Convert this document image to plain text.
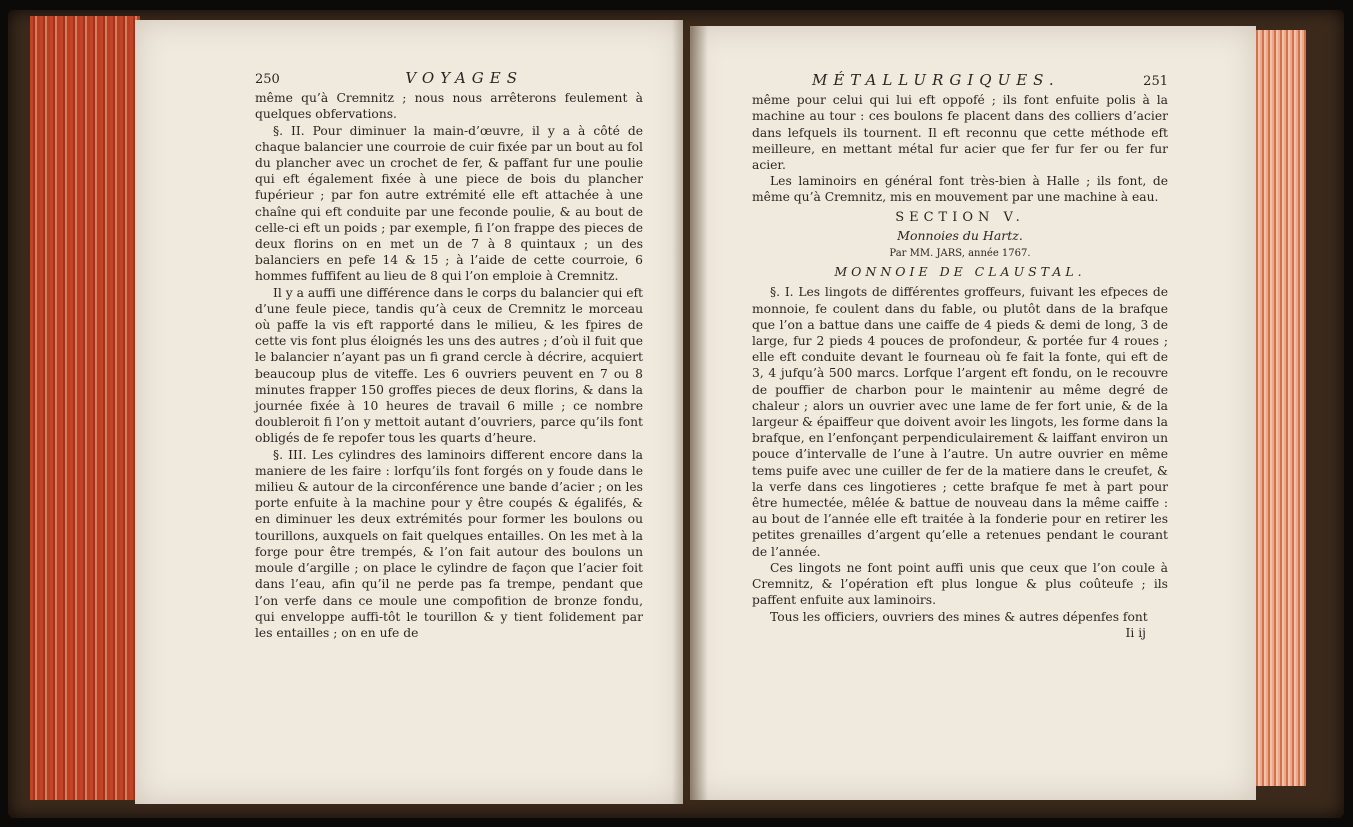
250	VOYAGES

même qu’à Cremnitz ; nous nous arrêterons feulement à quelques obfervations.

§. II. Pour diminuer la main-d’œuvre, il y a à côté de chaque balancier une courroie de cuir fixée par un bout au fol du plancher avec un crochet de fer, & paffant fur une poulie qui eft également fixée à une piece de bois du plancher fupérieur ; par fon autre extrémité elle eft attachée à une chaîne qui eft conduite par une feconde poulie, & au bout de celle-ci eft un poids ; par exemple, fi l’on frappe des pieces de deux florins on en met un de 7 à 8 quintaux ; un des balanciers en pefe 14 & 15 ; à l’aide de cette courroie, 6 hommes fuffifent au lieu de 8 qui l’on emploie à Cremnitz.

Il y a auffi une différence dans le corps du balancier qui eft d’une feule piece, tandis qu’à ceux de Cremnitz le morceau où paffe la vis eft rapporté dans le milieu, & les fpires de cette vis font plus éloignés les uns des autres ; d’où il fuit que le balancier n’ayant pas un fi grand cercle à décrire, acquiert beaucoup plus de viteffe. Les 6 ouvriers peuvent en 7 ou 8 minutes frapper 150 groffes pieces de deux florins, & dans la journée fixée à 10 heures de travail 6 mille ; ce nombre doubleroit fi l’on y mettoit autant d’ouvriers, parce qu’ils font obligés de fe repofer tous les quarts d’heure.

§. III. Les cylindres des laminoirs different encore dans la maniere de les faire : lorfqu’ils font forgés on y foude dans le milieu & autour de la circonférence une bande d’acier ; on les porte enfuite à la machine pour y être coupés & égalifés, & en diminuer les deux extrémités pour former les boulons ou tourillons, auxquels on fait quelques entailles. On les met à la forge pour être trempés, & l’on fait autour des boulons un moule d’argille ; on place le cylindre de façon que l’acier foit dans l’eau, afin qu’il ne perde pas fa trempe, pendant que l’on verfe dans ce moule une compofition de bronze fondu, qui enveloppe auffi-tôt le tourillon & y tient folidement par les entailles ; on en ufe de

MÉTALLURGIQUES.	251

même pour celui qui lui eft oppofé ; ils font enfuite polis à la machine au tour : ces boulons fe placent dans des colliers d’acier dans lefquels ils tournent. Il eft reconnu que cette méthode eft meilleure, en mettant métal fur acier que fer fur fer ou fer fur acier.

Les laminoirs en général font très-bien à Halle ; ils font, de même qu’à Cremnitz, mis en mouvement par une machine à eau.

SECTION V.

Monnoies du Hartz.

Par MM. JARS, année 1767.

MONNOIE DE CLAUSTAL.

§. I. Les lingots de différentes groffeurs, fuivant les efpeces de monnoie, fe coulent dans du fable, ou plutôt dans de la brafque que l’on a battue dans une caiffe de 4 pieds & demi de long, 3 de large, fur 2 pieds 4 pouces de profondeur, & portée fur 4 roues ; elle eft conduite devant le fourneau où fe fait la fonte, qui eft de 3, 4 jufqu’à 500 marcs. Lorfque l’argent eft fondu, on le recouvre de pouffier de charbon pour le maintenir au même degré de chaleur ; alors un ouvrier avec une lame de fer fort unie, & de la largeur & épaiffeur que doivent avoir les lingots, les forme dans la brafque, en l’enfonçant perpendiculairement & laiffant environ un pouce d’intervalle de l’une à l’autre. Un autre ouvrier en même tems puife avec une cuiller de fer de la matiere dans le creufet, & la verfe dans ces lingotieres ; cette brafque fe met à part pour être humectée, mêlée & battue de nouveau dans la même caiffe : au bout de l’année elle eft traitée à la fonderie pour en retirer les petites grenailles d’argent qu’elle a retenues pendant le courant de l’année.

Ces lingots ne font point auffi unis que ceux que l’on coule à Cremnitz, & l’opération eft plus longue & plus coûteufe ; ils paffent enfuite aux laminoirs.

Tous les officiers, ouvriers des mines & autres dépenfes font

Ii ij
